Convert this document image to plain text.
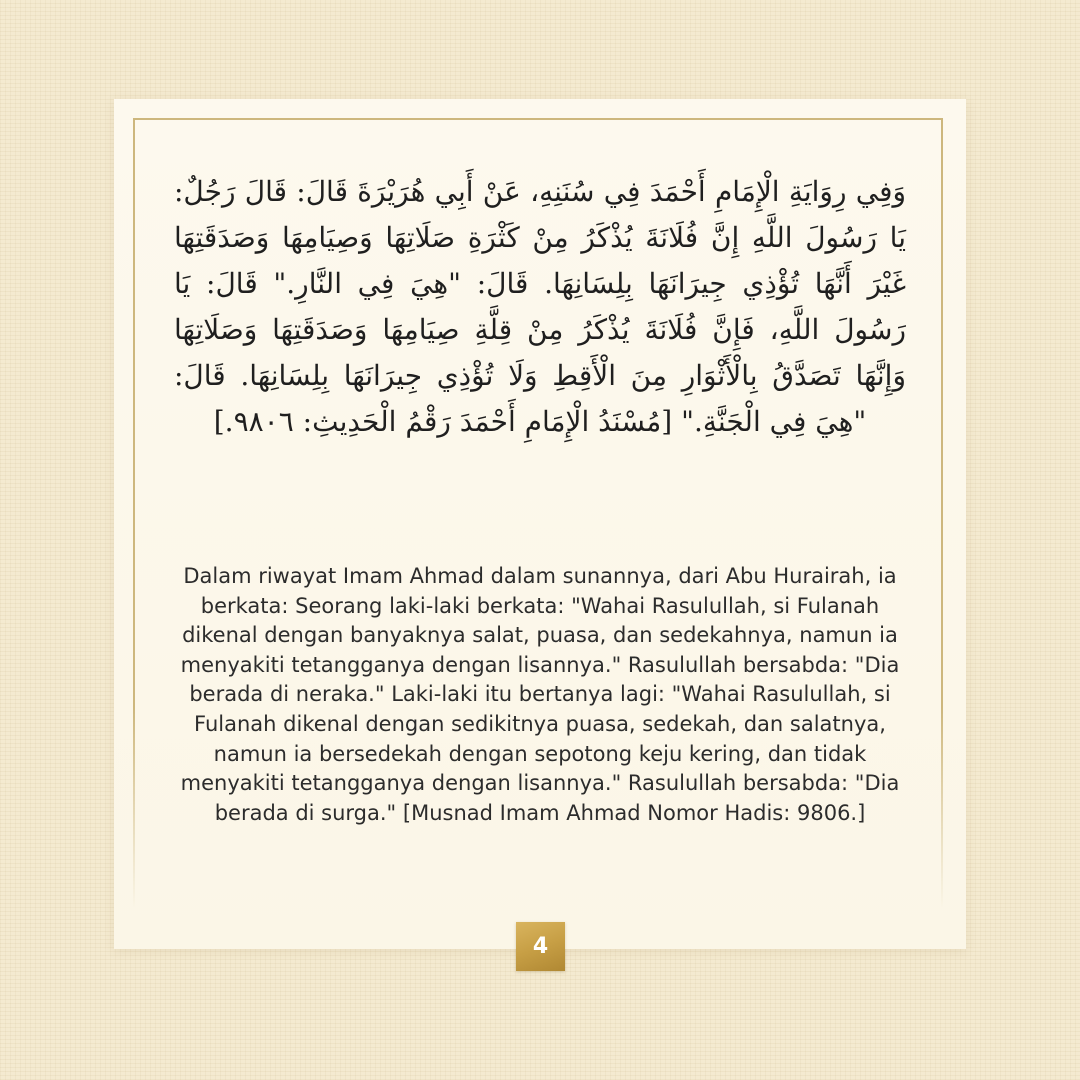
وَفِي رِوَايَةِ الْإِمَامِ أَحْمَدَ فِي سُنَنِهِ، عَنْ أَبِي هُرَيْرَةَ قَالَ: قَالَ رَجُلٌ: يَا رَسُولَ اللَّهِ إِنَّ فُلَانَةَ يُذْكَرُ مِنْ كَثْرَةِ صَلَاتِهَا وَصِيَامِهَا وَصَدَقَتِهَا غَيْرَ أَنَّهَا تُؤْذِي جِيرَانَهَا بِلِسَانِهَا. قَالَ: "هِيَ فِي النَّارِ." قَالَ: يَا رَسُولَ اللَّهِ، فَإِنَّ فُلَانَةَ يُذْكَرُ مِنْ قِلَّةِ صِيَامِهَا وَصَدَقَتِهَا وَصَلَاتِهَا وَإِنَّهَا تَصَدَّقُ بِالْأَثْوَارِ مِنَ الْأَقِطِ وَلَا تُؤْذِي جِيرَانَهَا بِلِسَانِهَا. قَالَ: "هِيَ فِي الْجَنَّةِ." [مُسْنَدُ الْإِمَامِ أَحْمَدَ رَقْمُ الْحَدِيثِ: ٩٨٠٦.]

Dalam riwayat Imam Ahmad dalam sunannya, dari Abu Hurairah, ia berkata: Seorang laki-laki berkata: "Wahai Rasulullah, si Fulanah dikenal dengan banyaknya salat, puasa, dan sedekahnya, namun ia menyakiti tetangganya dengan lisannya." Rasulullah bersabda: "Dia berada di neraka." Laki-laki itu bertanya lagi: "Wahai Rasulullah, si Fulanah dikenal dengan sedikitnya puasa, sedekah, dan salatnya, namun ia bersedekah dengan sepotong keju kering, dan tidak menyakiti tetangganya dengan lisannya." Rasulullah bersabda: "Dia berada di surga." [Musnad Imam Ahmad Nomor Hadis: 9806.]

4
